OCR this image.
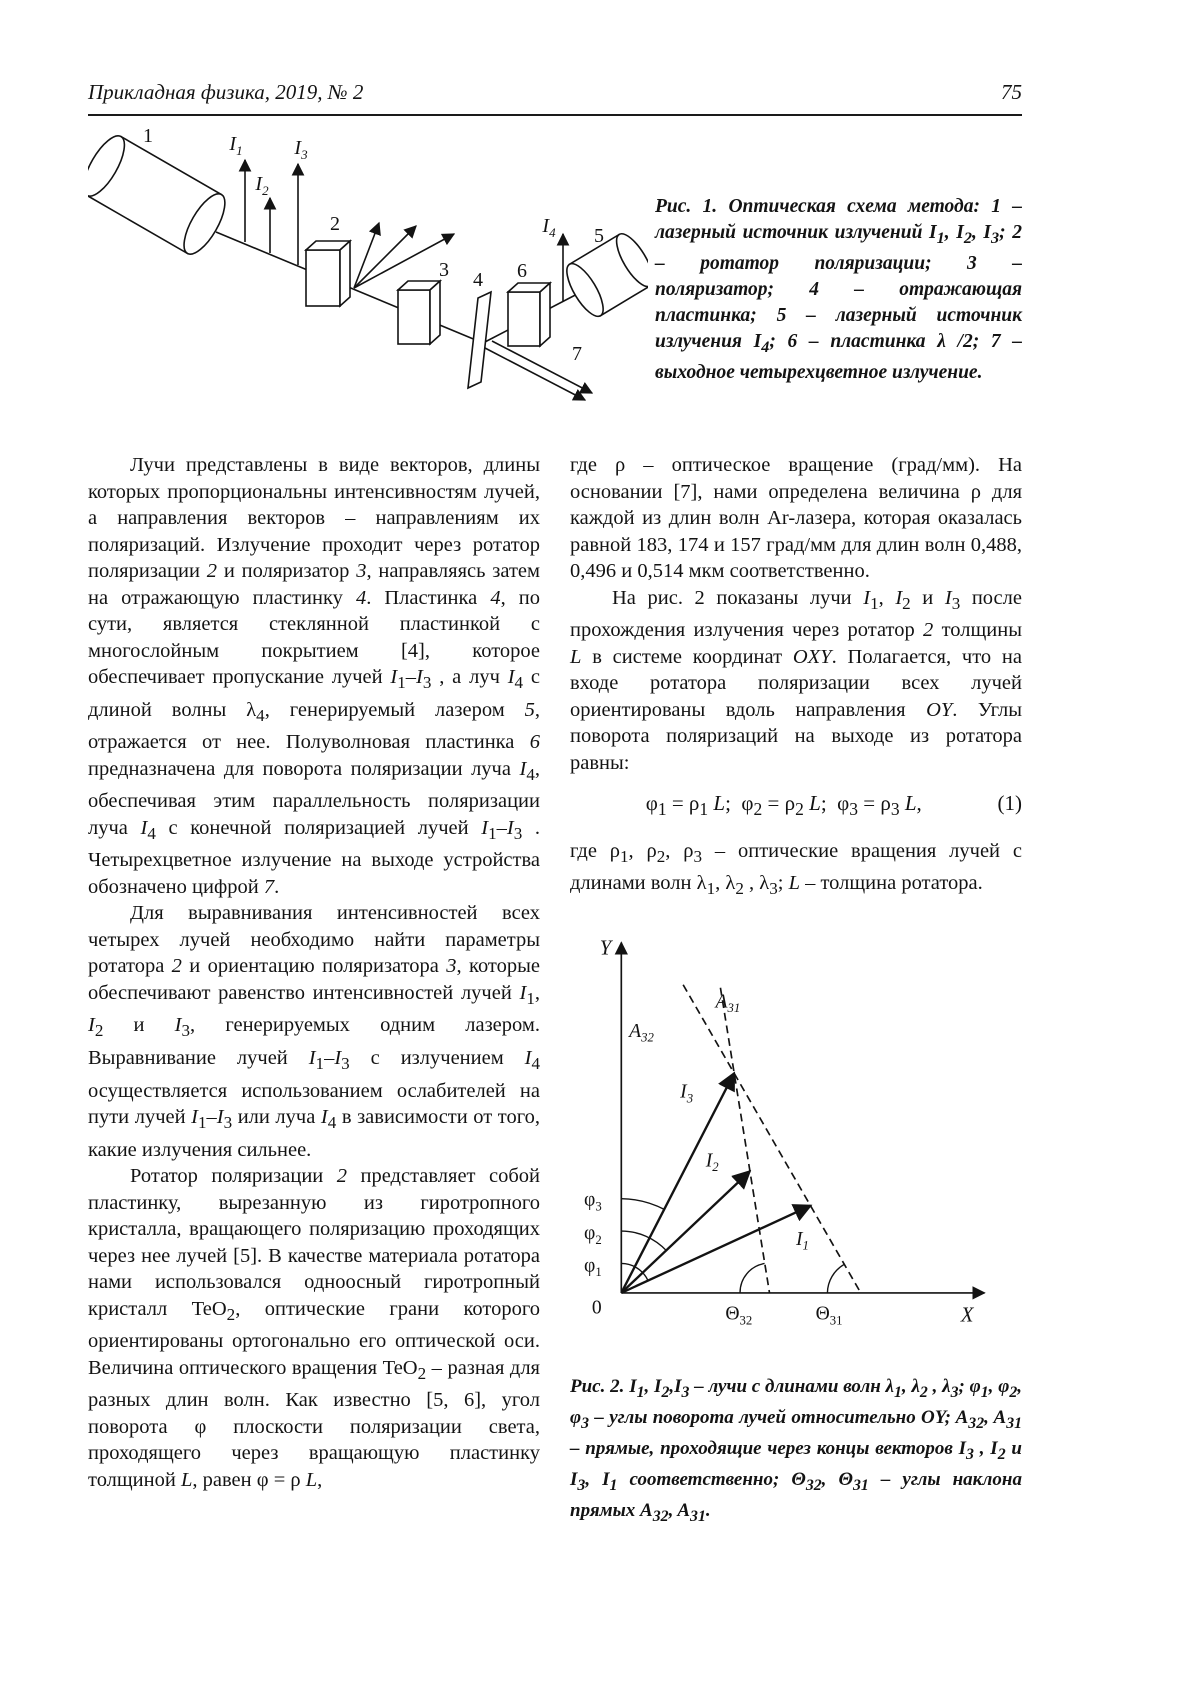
Прикладная физика, 2019, № 2	75
1	$I_1$
$I_2$
$I_3$
2
3 4 6
$I_4$ 5
7
Рис. 1. Оптическая схема метода: 1 – лазерный источник излучений $I_1$, $I_2$, $I_3$; 2 – ротатор поляризации; 3 – поляризатор; 4 – отражающая пластинка; 5 – лазерный источник излучения $I_4$; 6 – пластинка λ /2; 7 – выходное четырехцветное излучение.

Лучи представлены в виде векторов, длины которых пропорциональны интенсивностям лучей, а направления векторов – направлениям их поляризаций. Излучение проходит через ротатор поляризации 2 и поляризатор 3, направляясь затем на отражающую пластинку 4. Пластинка 4, по сути, является стеклянной пластинкой с многослойным покрытием [4], которое обеспечивает пропускание лучей $I_1-I_3$ , а луч $I_4$ с длиной волны $\lambda_4$, генерируемый лазером 5, отражается от нее. Полуволновая пластинка 6 предназначена для поворота поляризации луча $I_4$, обеспечивая этим параллельность поляризации луча $I_4$ с конечной поляризацией лучей $I_1-I_3$ . Четырехцветное излучение на выходе устройства обозначено цифрой 7.

Для выравнивания интенсивностей всех четырех лучей необходимо найти параметры ротатора 2 и ориентацию поляризатора 3, которые обеспечивают равенство интенсивностей лучей $I_1$, $I_2$ и $I_3$, генерируемых одним лазером. Выравнивание лучей $I_1-I_3$ с излучением $I_4$ осуществляется использованием ослабителей на пути лучей $I_1-I_3$ или луча $I_4$ в зависимости от того, какие излучения сильнее.

Ротатор поляризации 2 представляет собой пластинку, вырезанную из гиротропного кристалла, вращающего поляризацию проходящих через нее лучей [5]. В качестве материала ротатора нами использовался одноосный гиротропный кристалл TeO$_2$, оптические грани которого ориентированы ортогонально его оптической оси. Величина оптического вращения TeO$_2$ – разная для разных длин волн. Как известно [5, 6], угол поворота φ плоскости поляризации света, проходящего через вращающую пластинку толщиной L, равен φ = ρ L,

где ρ – оптическое вращение (град/мм). На основании [7], нами определена величина ρ для каждой из длин волн Ar-лазера, которая оказалась равной 183, 174 и 157 град/мм для длин волн 0,488, 0,496 и 0,514 мкм соответственно.

На рис. 2 показаны лучи $I_1$, $I_2$ и $I_3$ после прохождения излучения через ротатор 2 толщины L в системе координат OXY. Полагается, что на входе ротатора поляризации всех лучей ориентированы вдоль направления OY. Углы поворота поляризаций на выходе из ротатора равны:

$\varphi_1 = \rho_1$ L;  $\varphi_2 = \rho_2$ L;  $\varphi_3 = \rho_3$ L,	(1)

где $\rho_1$, $\rho_2$, $\rho_3$ – оптические вращения лучей с длинами волн $\lambda_1$, $\lambda_2$ , $\lambda_3$; L – толщина ротатора.

Y
X
0
$I_3$
$I_2$
$I_1$
$A_{32}$
$A_{31}$
$\varphi_3$
$\varphi_2$
$\varphi_1$
$\Theta_{32}$	$\Theta_{31}$
Рис. 2. $I_1$, $I_2,I_3$ – лучи с длинами волн $\lambda_1$, $\lambda_2$ , $\lambda_3$; $\varphi_1$, $\varphi_2$, $\varphi_3$ – углы поворота лучей относительно OY; $A_{32}$, $A_{31}$ – прямые, проходящие через концы векторов $I_3$ , $I_2$ и $I_3$, $I_1$ соответственно; $\Theta_{32}$, $\Theta_{31}$ – углы наклона прямых $A_{32}$, $A_{31}$.
